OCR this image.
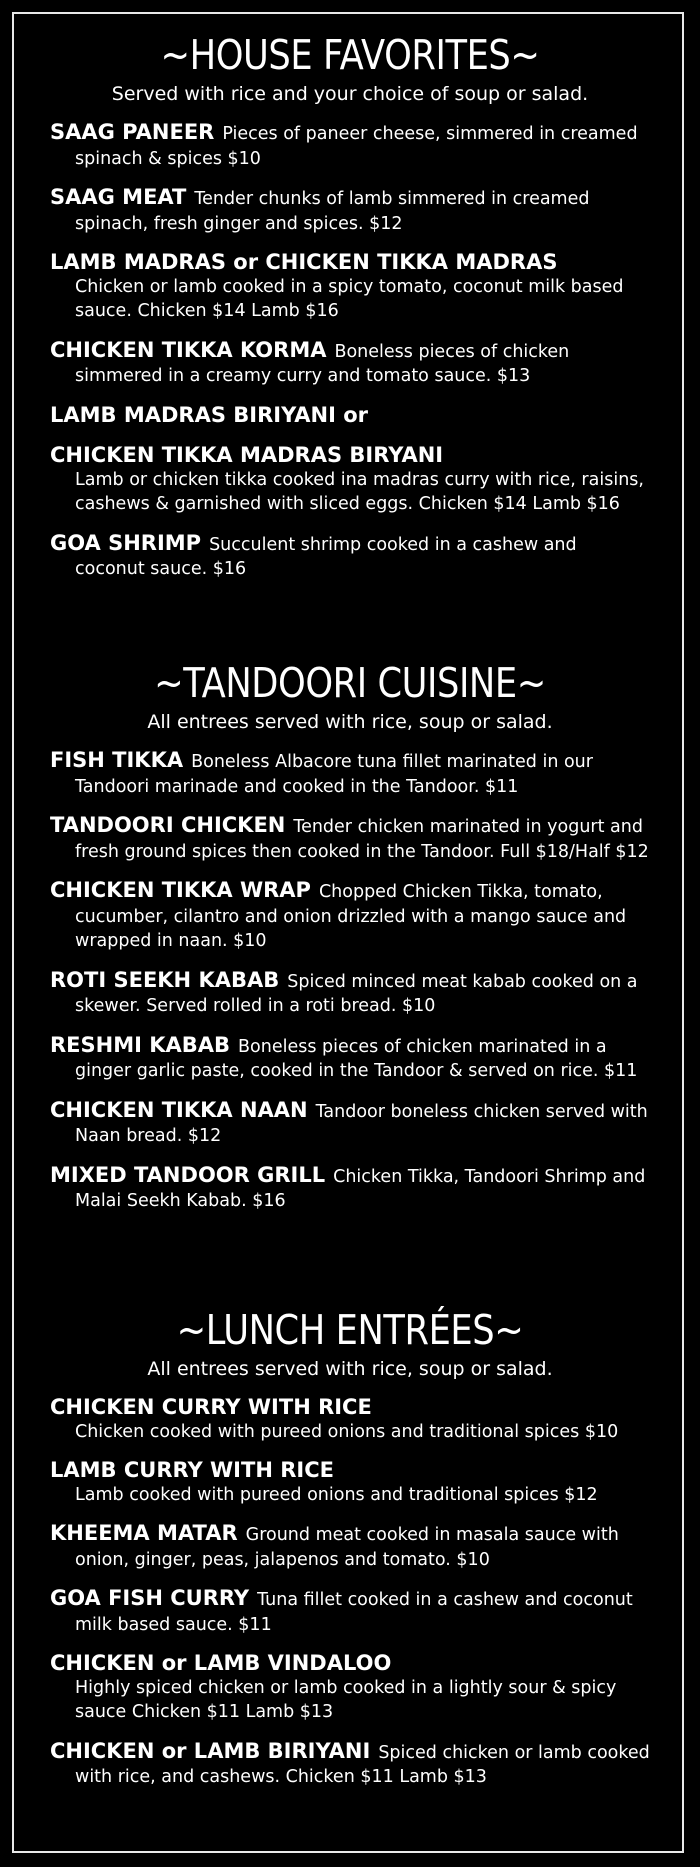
~HOUSE FAVORITES~
Served with rice and your choice of soup or salad.
SAAG PANEER Pieces of paneer cheese, simmered in creamed spinach & spices $10
SAAG MEAT Tender chunks of lamb simmered in creamed spinach, fresh ginger and spices. $12
LAMB MADRAS or CHICKEN TIKKA MADRAS
Chicken or lamb cooked in a spicy tomato, coconut milk based sauce. Chicken $14 Lamb $16
CHICKEN TIKKA KORMA Boneless pieces of chicken simmered in a creamy curry and tomato sauce. $13
LAMB MADRAS BIRIYANI or
CHICKEN TIKKA MADRAS BIRYANI
Lamb or chicken tikka cooked ina madras curry with rice, raisins, cashews & garnished with sliced eggs. Chicken $14 Lamb $16
GOA SHRIMP Succulent shrimp cooked in a cashew and coconut sauce. $16
~TANDOORI CUISINE~
All entrees served with rice, soup or salad.
FISH TIKKA Boneless Albacore tuna fillet marinated in our Tandoori marinade and cooked in the Tandoor. $11
TANDOORI CHICKEN Tender chicken marinated in yogurt and fresh ground spices then cooked in the Tandoor. Full $18/Half $12
CHICKEN TIKKA WRAP Chopped Chicken Tikka, tomato, cucumber, cilantro and onion drizzled with a mango sauce and wrapped in naan. $10
ROTI SEEKH KABAB Spiced minced meat kabab cooked on a skewer. Served rolled in a roti bread. $10
RESHMI KABAB Boneless pieces of chicken marinated in a ginger garlic paste, cooked in the Tandoor & served on rice. $11
CHICKEN TIKKA NAAN Tandoor boneless chicken served with Naan bread. $12
MIXED TANDOOR GRILL Chicken Tikka, Tandoori Shrimp and Malai Seekh Kabab. $16
~LUNCH ENTRÉES~
All entrees served with rice, soup or salad.
CHICKEN CURRY WITH RICE
Chicken cooked with pureed onions and traditional spices $10
LAMB CURRY WITH RICE
Lamb cooked with pureed onions and traditional spices $12
KHEEMA MATAR Ground meat cooked in masala sauce with onion, ginger, peas, jalapenos and tomato. $10
GOA FISH CURRY Tuna fillet cooked in a cashew and coconut milk based sauce. $11
CHICKEN or LAMB VINDALOO
Highly spiced chicken or lamb cooked in a lightly sour & spicy sauce Chicken $11 Lamb $13
CHICKEN or LAMB BIRIYANI Spiced chicken or lamb cooked with rice, and cashews. Chicken $11 Lamb $13
